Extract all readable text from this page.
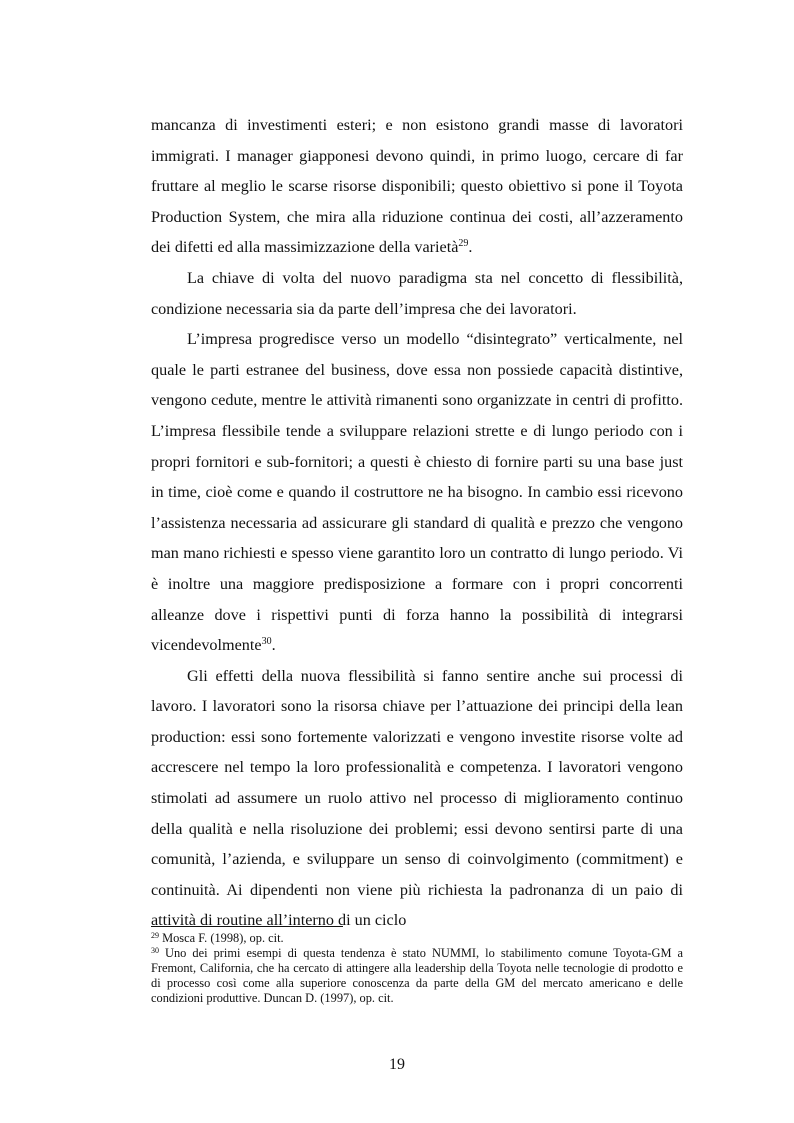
mancanza di investimenti esteri; e non esistono grandi masse di lavoratori immigrati. I manager giapponesi devono quindi, in primo luogo, cercare di far fruttare al meglio le scarse risorse disponibili; questo obiettivo si pone il Toyota Production System, che mira alla riduzione continua dei costi, all’azzeramento dei difetti ed alla massimizzazione della varietà$^{29}$.

La chiave di volta del nuovo paradigma sta nel concetto di flessibilità, condizione necessaria sia da parte dell’impresa che dei lavoratori.

L’impresa progredisce verso un modello “disintegrato” verticalmente, nel quale le parti estranee del business, dove essa non possiede capacità distintive, vengono cedute, mentre le attività rimanenti sono organizzate in centri di profitto. L’impresa flessibile tende a sviluppare relazioni strette e di lungo periodo con i propri fornitori e sub-fornitori; a questi è chiesto di fornire parti su una base just in time, cioè come e quando il costruttore ne ha bisogno. In cambio essi ricevono l’assistenza necessaria ad assicurare gli standard di qualità e prezzo che vengono man mano richiesti e spesso viene garantito loro un contratto di lungo periodo. Vi è inoltre una maggiore predisposizione a formare con i propri concorrenti alleanze dove i rispettivi punti di forza hanno la possibilità di integrarsi vicendevolmente$^{30}$.

Gli effetti della nuova flessibilità si fanno sentire anche sui processi di lavoro. I lavoratori sono la risorsa chiave per l’attuazione dei principi della lean production: essi sono fortemente valorizzati e vengono investite risorse volte ad accrescere nel tempo la loro professionalità e competenza. I lavoratori vengono stimolati ad assumere un ruolo attivo nel processo di miglioramento continuo della qualità e nella risoluzione dei problemi; essi devono sentirsi parte di una comunità, l’azienda, e sviluppare un senso di coinvolgimento (commitment) e continuità. Ai dipendenti non viene più richiesta la padronanza di un paio di attività di routine all’interno di un ciclo

$^{29}$ Mosca F. (1998), op. cit.

$^{30}$ Uno dei primi esempi di questa tendenza è stato NUMMI, lo stabilimento comune Toyota-GM a Fremont, California, che ha cercato di attingere alla leadership della Toyota nelle tecnologie di prodotto e di processo così come alla superiore conoscenza da parte della GM del mercato americano e delle condizioni produttive. Duncan D. (1997), op. cit.

19
